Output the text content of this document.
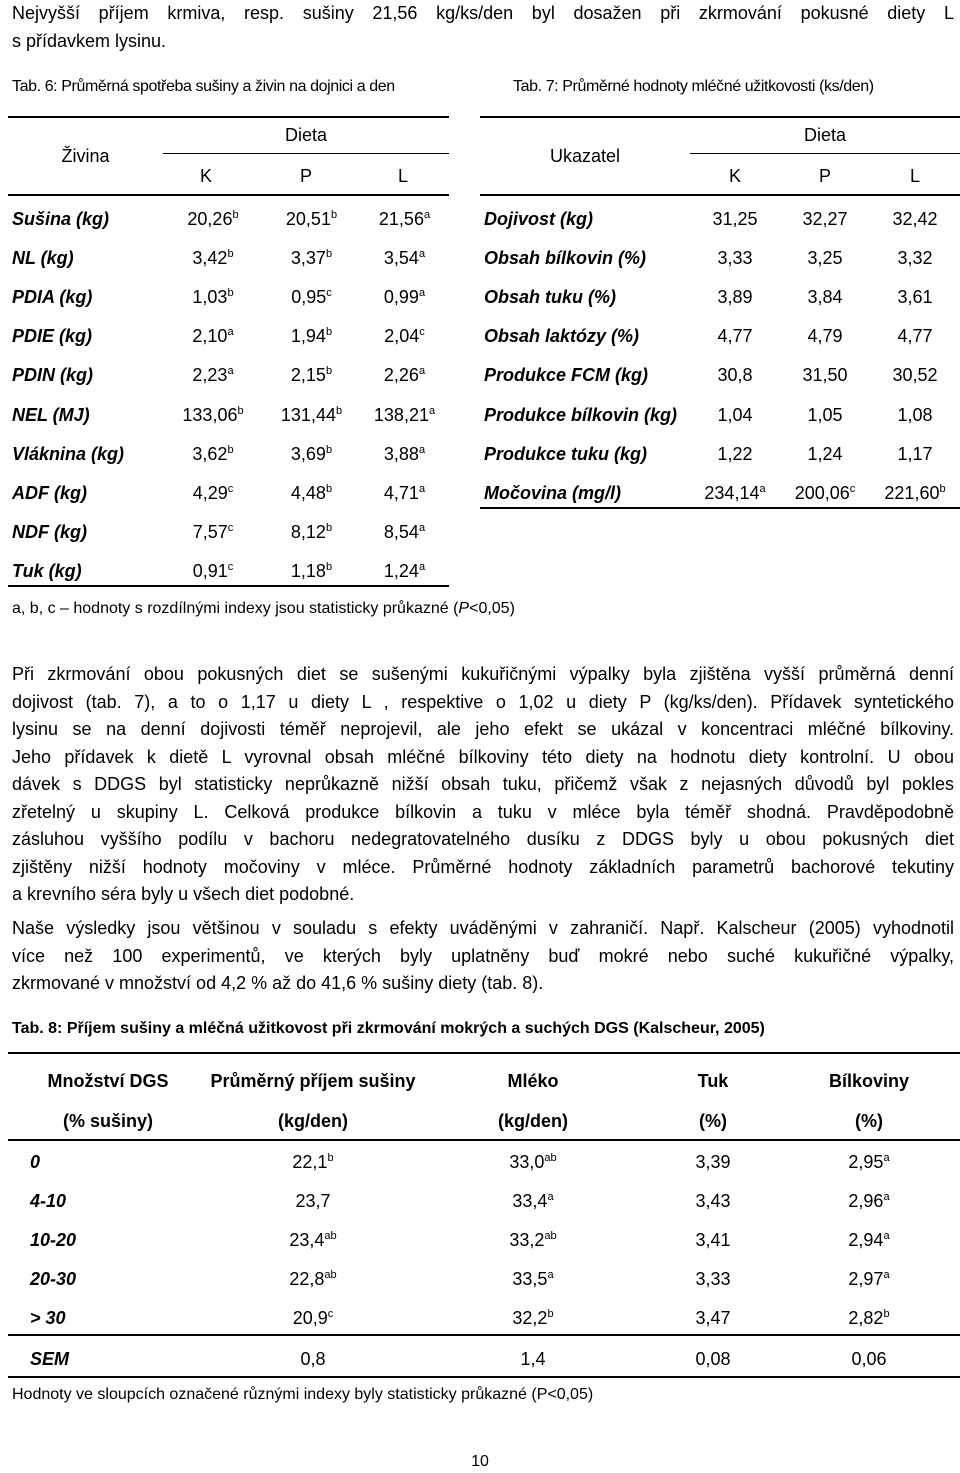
Nejvyšší příjem krmiva, resp. sušiny 21,56 kg/ks/den byl dosažen při zkrmování pokusné diety L
s přídavkem lysinu.
Tab. 6: Průměrná spotřeba sušiny a živin na dojnici a den	Tab. 7: Průměrné hodnoty mléčné užitkovosti (ks/den)
Živina
Dieta
K	P	L
Ukazatel
Dieta
K	P	L
Sušina (kg)	20,26$^b$	20,51$^b$	21,56$^a$
NL (kg)	3,42$^b$	3,37$^b$	3,54$^a$
PDIA (kg)	1,03$^b$	0,95$^c$	0,99$^a$
PDIE (kg)	2,10$^a$	1,94$^b$	2,04$^c$
PDIN (kg)	2,23$^a$	2,15$^b$	2,26$^a$
NEL (MJ)	133,06$^b$	131,44$^b$	138,21$^a$
Vláknina (kg)	3,62$^b$	3,69$^b$	3,88$^a$
ADF (kg)	4,29$^c$	4,48$^b$	4,71$^a$
NDF (kg)	7,57$^c$	8,12$^b$	8,54$^a$
Tuk (kg)	0,91$^c$	1,18$^b$	1,24$^a$
Dojivost (kg)	31,25	32,27	32,42
Obsah bílkovin (%)	3,33	3,25	3,32
Obsah tuku (%)	3,89	3,84	3,61
Obsah laktózy (%)	4,77	4,79	4,77
Produkce FCM (kg)	30,8	31,50	30,52
Produkce bílkovin (kg)	1,04	1,05	1,08
Produkce tuku (kg)	1,22	1,24	1,17
Močovina (mg/l)	234,14$^a$	200,06$^c$	221,60$^b$
a, b, c – hodnoty s rozdílnými indexy jsou statisticky průkazné (P<0,05)
Při zkrmování obou pokusných diet se sušenými kukuřičnými výpalky byla zjištěna vyšší průměrná denní
dojivost (tab. 7), a to o 1,17 u diety L , respektive o 1,02 u diety P (kg/ks/den). Přídavek syntetického
lysinu se na denní dojivosti téměř neprojevil, ale jeho efekt se ukázal v koncentraci mléčné bílkoviny.
Jeho přídavek k dietě L vyrovnal obsah mléčné bílkoviny této diety na hodnotu diety kontrolní. U obou
dávek s DDGS byl statisticky neprůkazně nižší obsah tuku, přičemž však z nejasných důvodů byl pokles
zřetelný u skupiny L. Celková produkce bílkovin a tuku v mléce byla téměř shodná. Pravděpodobně
zásluhou vyššího podílu v bachoru nedegratovatelného dusíku z DDGS byly u obou pokusných diet
zjištěny nižší hodnoty močoviny v mléce. Průměrné hodnoty základních parametrů bachorové tekutiny
a krevního séra byly u všech diet podobné.
Naše výsledky jsou většinou v souladu s efekty uváděnými v zahraničí. Např. Kalscheur (2005) vyhodnotil
více než 100 experimentů, ve kterých byly uplatněny buď mokré nebo suché kukuřičné výpalky,
zkrmované v množství od 4,2 % až do 41,6 % sušiny diety (tab. 8).
Tab. 8: Příjem sušiny a mléčná užitkovost při zkrmování mokrých a suchých DGS (Kalscheur, 2005)
Množství DGS	Průměrný příjem sušiny	Mléko	Tuk	Bílkoviny
(% sušiny)	(kg/den)	(kg/den)	(%)	(%)
0	22,1$^b$	33,0$^{ab}$	3,39	2,95$^a$
4-10	23,7	33,4$^a$	3,43	2,96$^a$
10-20	23,4$^{ab}$	33,2$^{ab}$	3,41	2,94$^a$
20-30	22,8$^{ab}$	33,5$^a$	3,33	2,97$^a$
> 30	20,9$^c$	32,2$^b$	3,47	2,82$^b$
SEM	0,8	1,4	0,08	0,06
Hodnoty ve sloupcích označené různými indexy byly statisticky průkazné (P<0,05)
10
